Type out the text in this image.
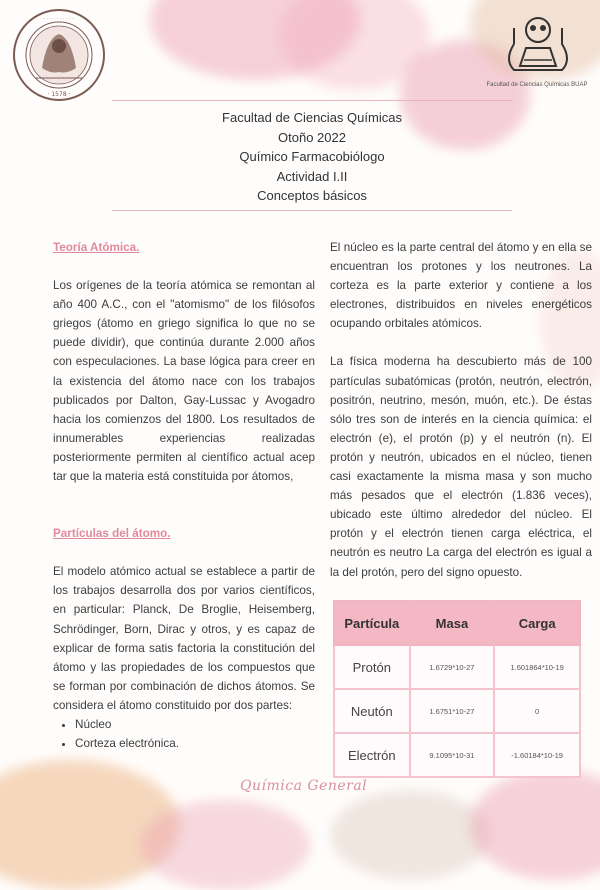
· · · · · · · · · ·
· 1578 ·
Facultad de Ciencias Químicas BUAP
Facultad de Ciencias Químicas
Otoño 2022
Químico Farmacobiólogo
Actividad I.II
Conceptos básicos
Teoría Atómica.
Los orígenes de la teoría atómica se remontan al año 400 A.C., con el "atomismo" de los filósofos griegos (átomo en griego significa lo que no se puede dividir), que continúa durante 2.000 años con especulaciones. La base lógica para creer en la existencia del átomo nace con los trabajos publicados por Dalton, Gay-Lussac y Avogadro hacia los comienzos del 1800. Los resultados de innumerables experiencias realizadas posteriormente permiten al científico actual acep tar que la materia está constituida por átomos,
Partículas del átomo.
El modelo atómico actual se establece a partir de los trabajos desarrolla dos por varios científicos, en particular: Planck, De Broglie, Heisemberg, Schrödinger, Born, Dirac y otros, y es capaz de explicar de forma satis factoria la constitución del átomo y las propiedades de los compuestos que se forman por combinación de dichos átomos. Se considera el átomo constituido por dos partes:
• Núcleo
• Corteza electrónica.
El núcleo es la parte central del átomo y en ella se encuentran los protones y los neutrones. La corteza es la parte exterior y contiene a los electrones, distribuidos en niveles energéticos ocupando orbitales atómicos.
La física moderna ha descubierto más de 100 partículas subatómicas (protón, neutrón, electrón, positrón, neutrino, mesón, muón, etc.). De éstas sólo tres son de interés en la ciencia química: el electrón (e), el protón (p) y el neutrón (n). El protón y neutrón, ubicados en el núcleo, tienen casi exactamente la misma masa y son mucho más pesados que el electrón (1.836 veces), ubicado este último alrededor del núcleo. El protón y el electrón tienen carga eléctrica, el neutrón es neutro La carga del electrón es igual a la del protón, pero del signo opuesto.
Partícula	Masa	Carga
Protón	1.6729*10-27	1.601864*10-19
Neutón	1.6751*10-27	0
Electrón	9.1095*10-31	-1.60184*10-19
Química General
